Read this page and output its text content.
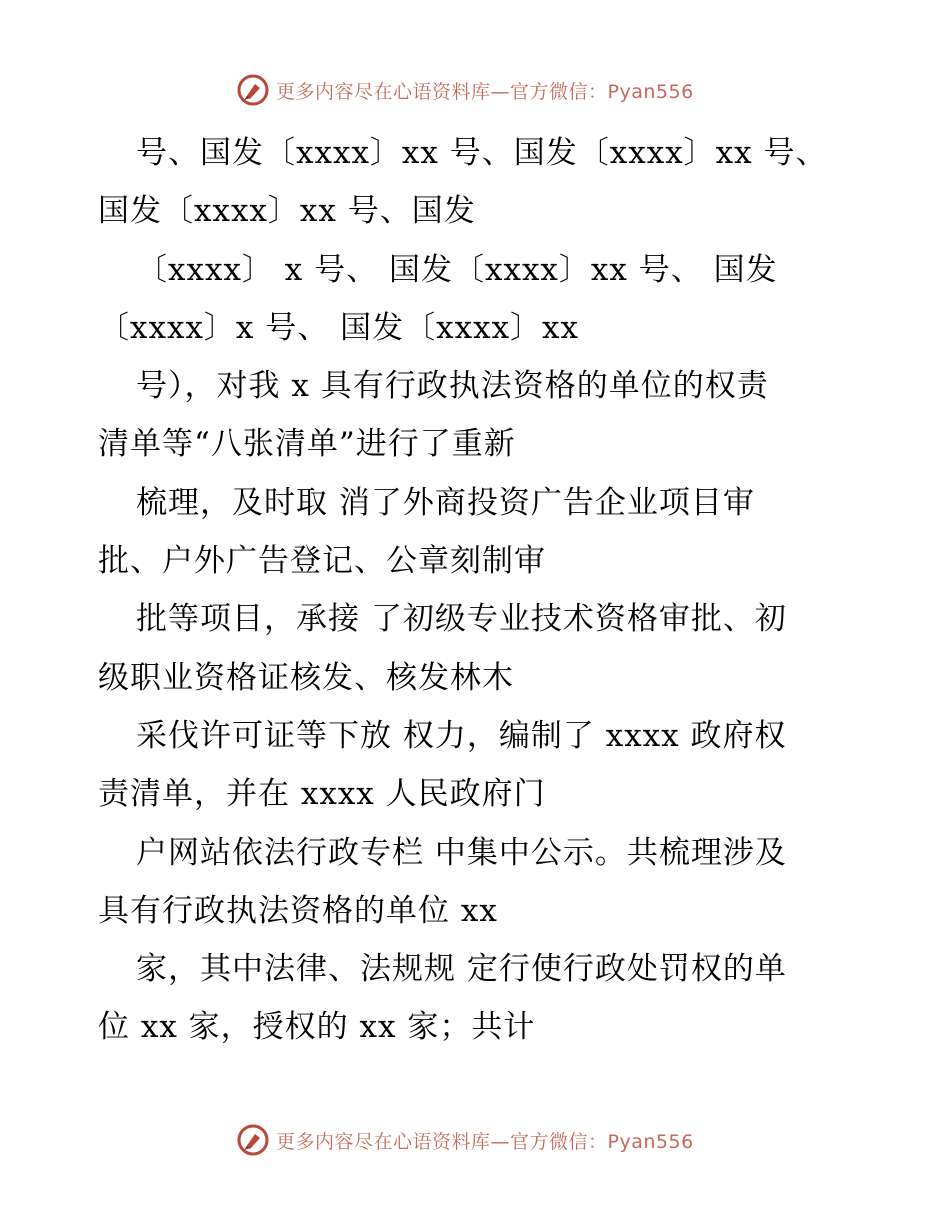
更多内容尽在心语资料库—官方微信：Pyan556
号、国发〔xxxx〕xx 号、国发〔xxxx〕xx 号、
国发〔xxxx〕xx 号、国发
〔xxxx〕 x 号、 国发〔xxxx〕xx 号、 国发
〔xxxx〕x 号、 国发〔xxxx〕xx
号），对我 x 具有行政执法资格的单位的权责
清单等“八张清单”进行了重新
梳理，及时取 消了外商投资广告企业项目审
批、户外广告登记、公章刻制审
批等项目，承接 了初级专业技术资格审批、初
级职业资格证核发、核发林木
采伐许可证等下放 权力，编制了 xxxx 政府权
责清单，并在 xxxx 人民政府门
户网站依法行政专栏 中集中公示。共梳理涉及
具有行政执法资格的单位 xx
家，其中法律、法规规 定行使行政处罚权的单
位 xx 家，授权的 xx 家；共计
更多内容尽在心语资料库—官方微信：Pyan556
